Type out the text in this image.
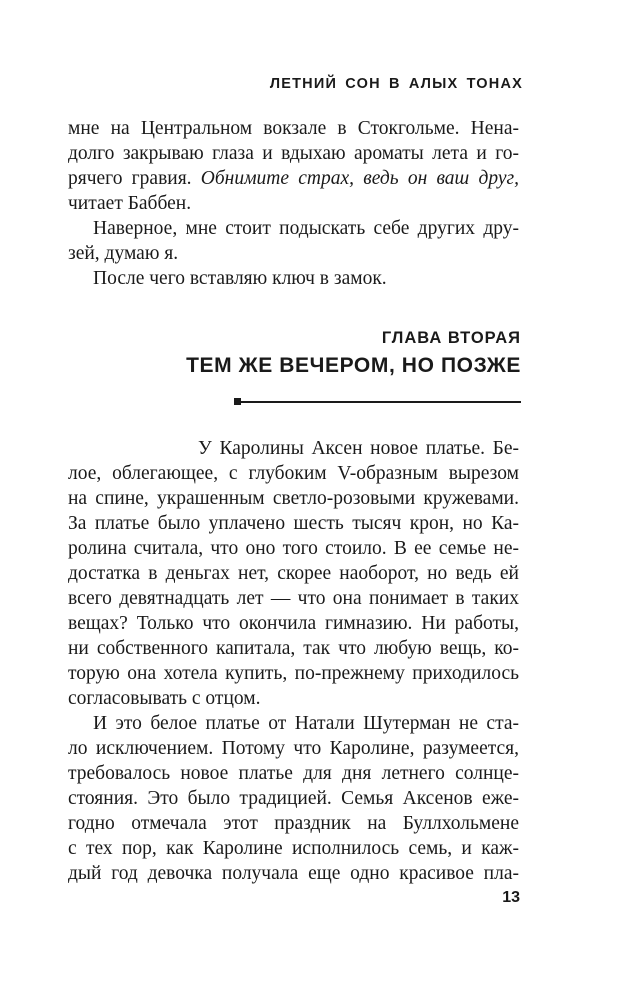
ЛЕТНИЙ СОН В АЛЫХ ТОНАХ
мне на Центральном вокзале в Стокгольме. Нена-
долго закрываю глаза и вдыхаю ароматы лета и го-
рячего гравия. Обнимите страх, ведь он ваш друг,
читает Баббен.
Наверное, мне стоит подыскать себе других дру-
зей, думаю я.
После чего вставляю ключ в замок.
ГЛАВА ВТОРАЯ
ТЕМ ЖЕ ВЕЧЕРОМ, НО ПОЗЖЕ
У Каролины Аксен новое платье. Бе-
лое, облегающее, с глубоким V-образным вырезом
на спине, украшенным светло-розовыми кружевами.
За платье было уплачено шесть тысяч крон, но Ка-
ролина считала, что оно того стоило. В ее семье не-
достатка в деньгах нет, скорее наоборот, но ведь ей
всего девятнадцать лет — что она понимает в таких
вещах? Только что окончила гимназию. Ни работы,
ни собственного капитала, так что любую вещь, ко-
торую она хотела купить, по-прежнему приходилось
согласовывать с отцом.
И это белое платье от Натали Шутерман не ста-
ло исключением. Потому что Каролине, разумеется,
требовалось новое платье для дня летнего солнце-
стояния. Это было традицией. Семья Аксенов еже-
годно отмечала этот праздник на Буллхольмене
с тех пор, как Каролине исполнилось семь, и каж-
дый год девочка получала еще одно красивое пла-
13
